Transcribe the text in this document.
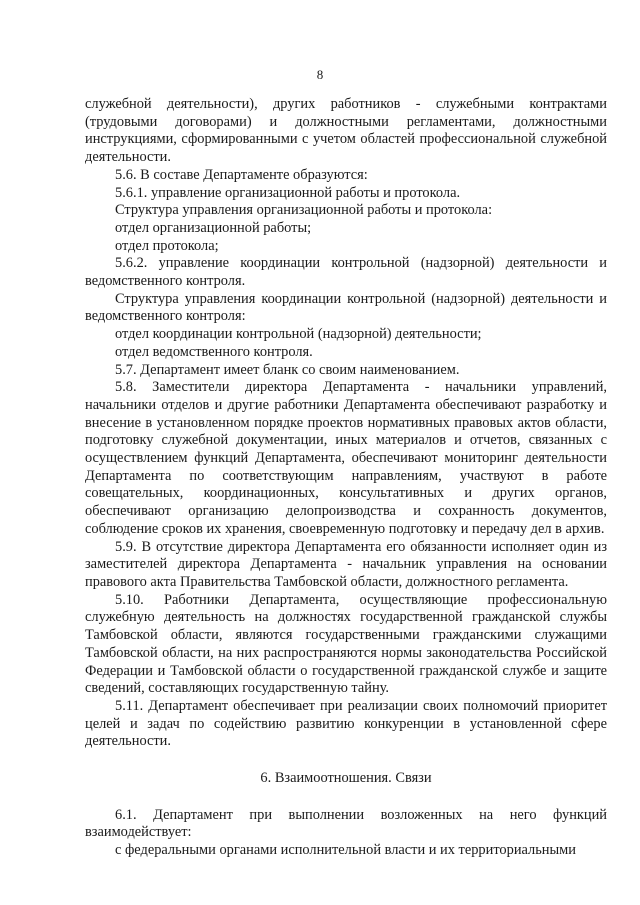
8

служебной деятельности), других работников - служебными контрактами (трудовыми договорами) и должностными регламентами, должностными инструкциями, сформированными с учетом областей профессиональной служебной деятельности.

5.6. В составе Департаменте образуются:

5.6.1. управление организационной работы и протокола.

Структура управления организационной работы и протокола:

отдел организационной работы;

отдел протокола;

5.6.2. управление координации контрольной (надзорной) деятельности и ведомственного контроля.

Структура управления координации контрольной (надзорной) деятельности и ведомственного контроля:

отдел координации контрольной (надзорной) деятельности;

отдел ведомственного контроля.

5.7. Департамент имеет бланк со своим наименованием.

5.8. Заместители директора Департамента - начальники управлений, начальники отделов и другие работники Департамента обеспечивают разработку и внесение в установленном порядке проектов нормативных правовых актов области, подготовку служебной документации, иных материалов и отчетов, связанных с осуществлением функций Департамента, обеспечивают мониторинг деятельности Департамента по соответствующим направлениям, участвуют в работе совещательных, координационных, консультативных и других органов, обеспечивают организацию делопроизводства и сохранность документов, соблюдение сроков их хранения, своевременную подготовку и передачу дел в архив.

5.9. В отсутствие директора Департамента его обязанности исполняет один из заместителей директора Департамента - начальник управления на основании правового акта Правительства Тамбовской области, должностного регламента.

5.10. Работники Департамента, осуществляющие профессиональную служебную деятельность на должностях государственной гражданской службы Тамбовской области, являются государственными гражданскими служащими Тамбовской области, на них распространяются нормы законодательства Российской Федерации и Тамбовской области о государственной гражданской службе и защите сведений, составляющих государственную тайну.

5.11. Департамент обеспечивает при реализации своих полномочий приоритет целей и задач по содействию развитию конкуренции в установленной сфере деятельности.

6. Взаимоотношения. Связи

6.1. Департамент при выполнении возложенных на него функций взаимодействует:

с федеральными органами исполнительной власти и их территориальными
